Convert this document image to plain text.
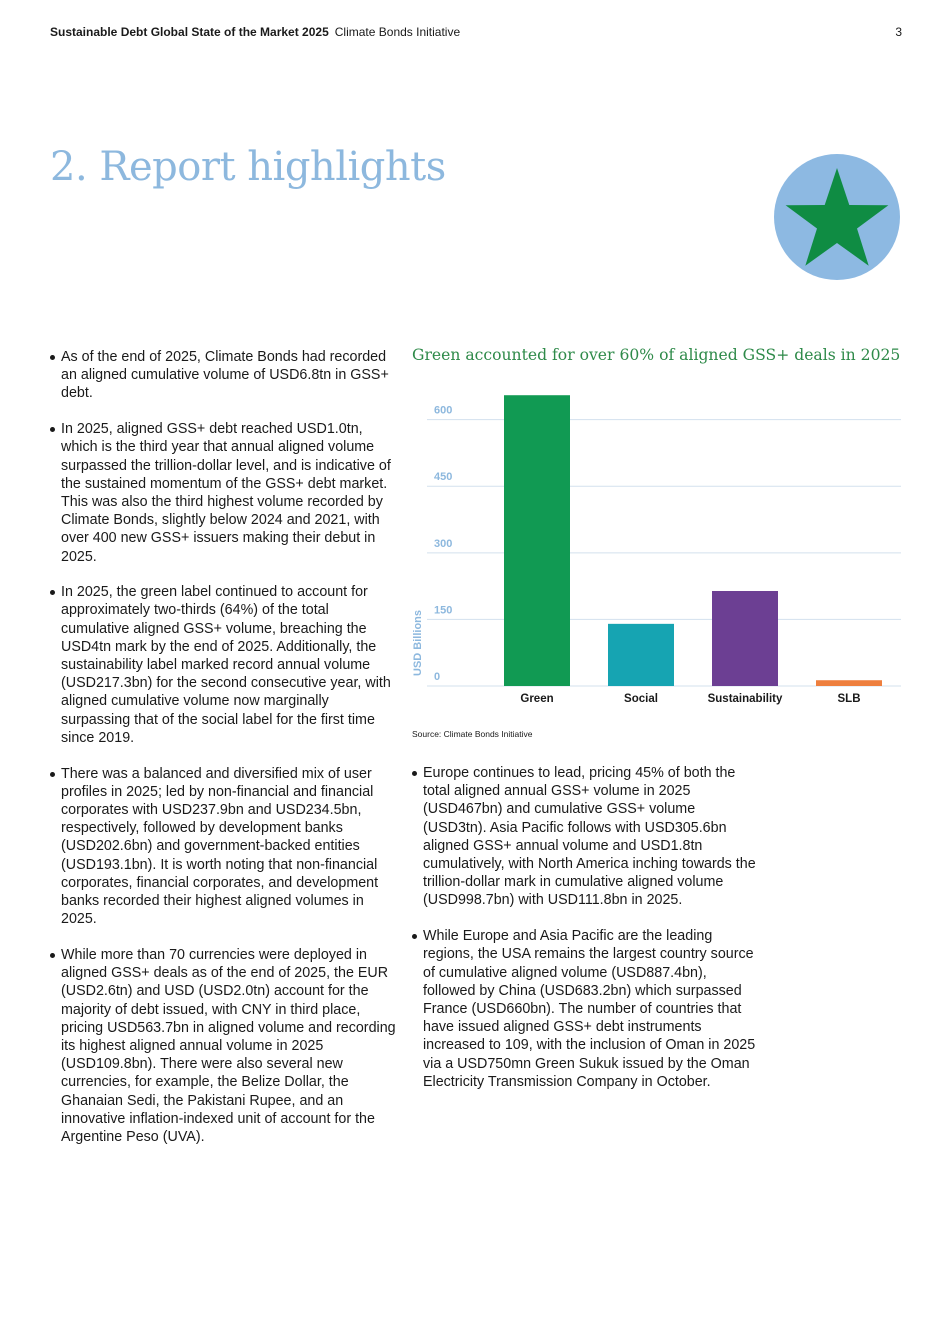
Sustainable Debt Global State of the Market 2025 Climate Bonds Initiative	3
2. Report highlights
As of the end of 2025, Climate Bonds had recorded an aligned cumulative volume of USD6.8tn in GSS+ debt.
In 2025, aligned GSS+ debt reached USD1.0tn, which is the third year that annual aligned volume surpassed the trillion-dollar level, and is indicative of the sustained momentum of the GSS+ debt market. This was also the third highest volume recorded by Climate Bonds, slightly below 2024 and 2021, with over 400 new GSS+ issuers making their debut in 2025.
In 2025, the green label continued to account for approximately two-thirds (64%) of the total cumulative aligned GSS+ volume, breaching the USD4tn mark by the end of 2025. Additionally, the sustainability label marked record annual volume (USD217.3bn) for the second consecutive year, with aligned cumulative volume now marginally surpassing that of the social label for the first time since 2019.
There was a balanced and diversified mix of user profiles in 2025; led by non-financial and financial corporates with USD237.9bn and USD234.5bn, respectively, followed by development banks (USD202.6bn) and government-backed entities (USD193.1bn). It is worth noting that non-financial corporates, financial corporates, and development banks recorded their highest aligned volumes in 2025.
While more than 70 currencies were deployed in aligned GSS+ deals as of the end of 2025, the EUR (USD2.6tn) and USD (USD2.0tn) account for the majority of debt issued, with CNY in third place, pricing USD563.7bn in aligned volume and recording its highest aligned annual volume in 2025 (USD109.8bn). There were also several new currencies, for example, the Belize Dollar, the Ghanaian Sedi, the Pakistani Rupee, and an innovative inflation-indexed unit of account for the Argentine Peso (UVA).
Green accounted for over 60% of aligned GSS+ deals in 2025
0
150
300
450
600
USD Billions
Green	Social	Sustainability	SLB
Source: Climate Bonds Initiative
Europe continues to lead, pricing 45% of both the total aligned annual GSS+ volume in 2025 (USD467bn) and cumulative GSS+ volume (USD3tn). Asia Pacific follows with USD305.6bn aligned GSS+ annual volume and USD1.8tn cumulatively, with North America inching towards the trillion-dollar mark in cumulative aligned volume (USD998.7bn) with USD111.8bn in 2025.
While Europe and Asia Pacific are the leading regions, the USA remains the largest country source of cumulative aligned volume (USD887.4bn), followed by China (USD683.2bn) which surpassed France (USD660bn). The number of countries that have issued aligned GSS+ debt instruments increased to 109, with the inclusion of Oman in 2025 via a USD750mn Green Sukuk issued by the Oman Electricity Transmission Company in October.
